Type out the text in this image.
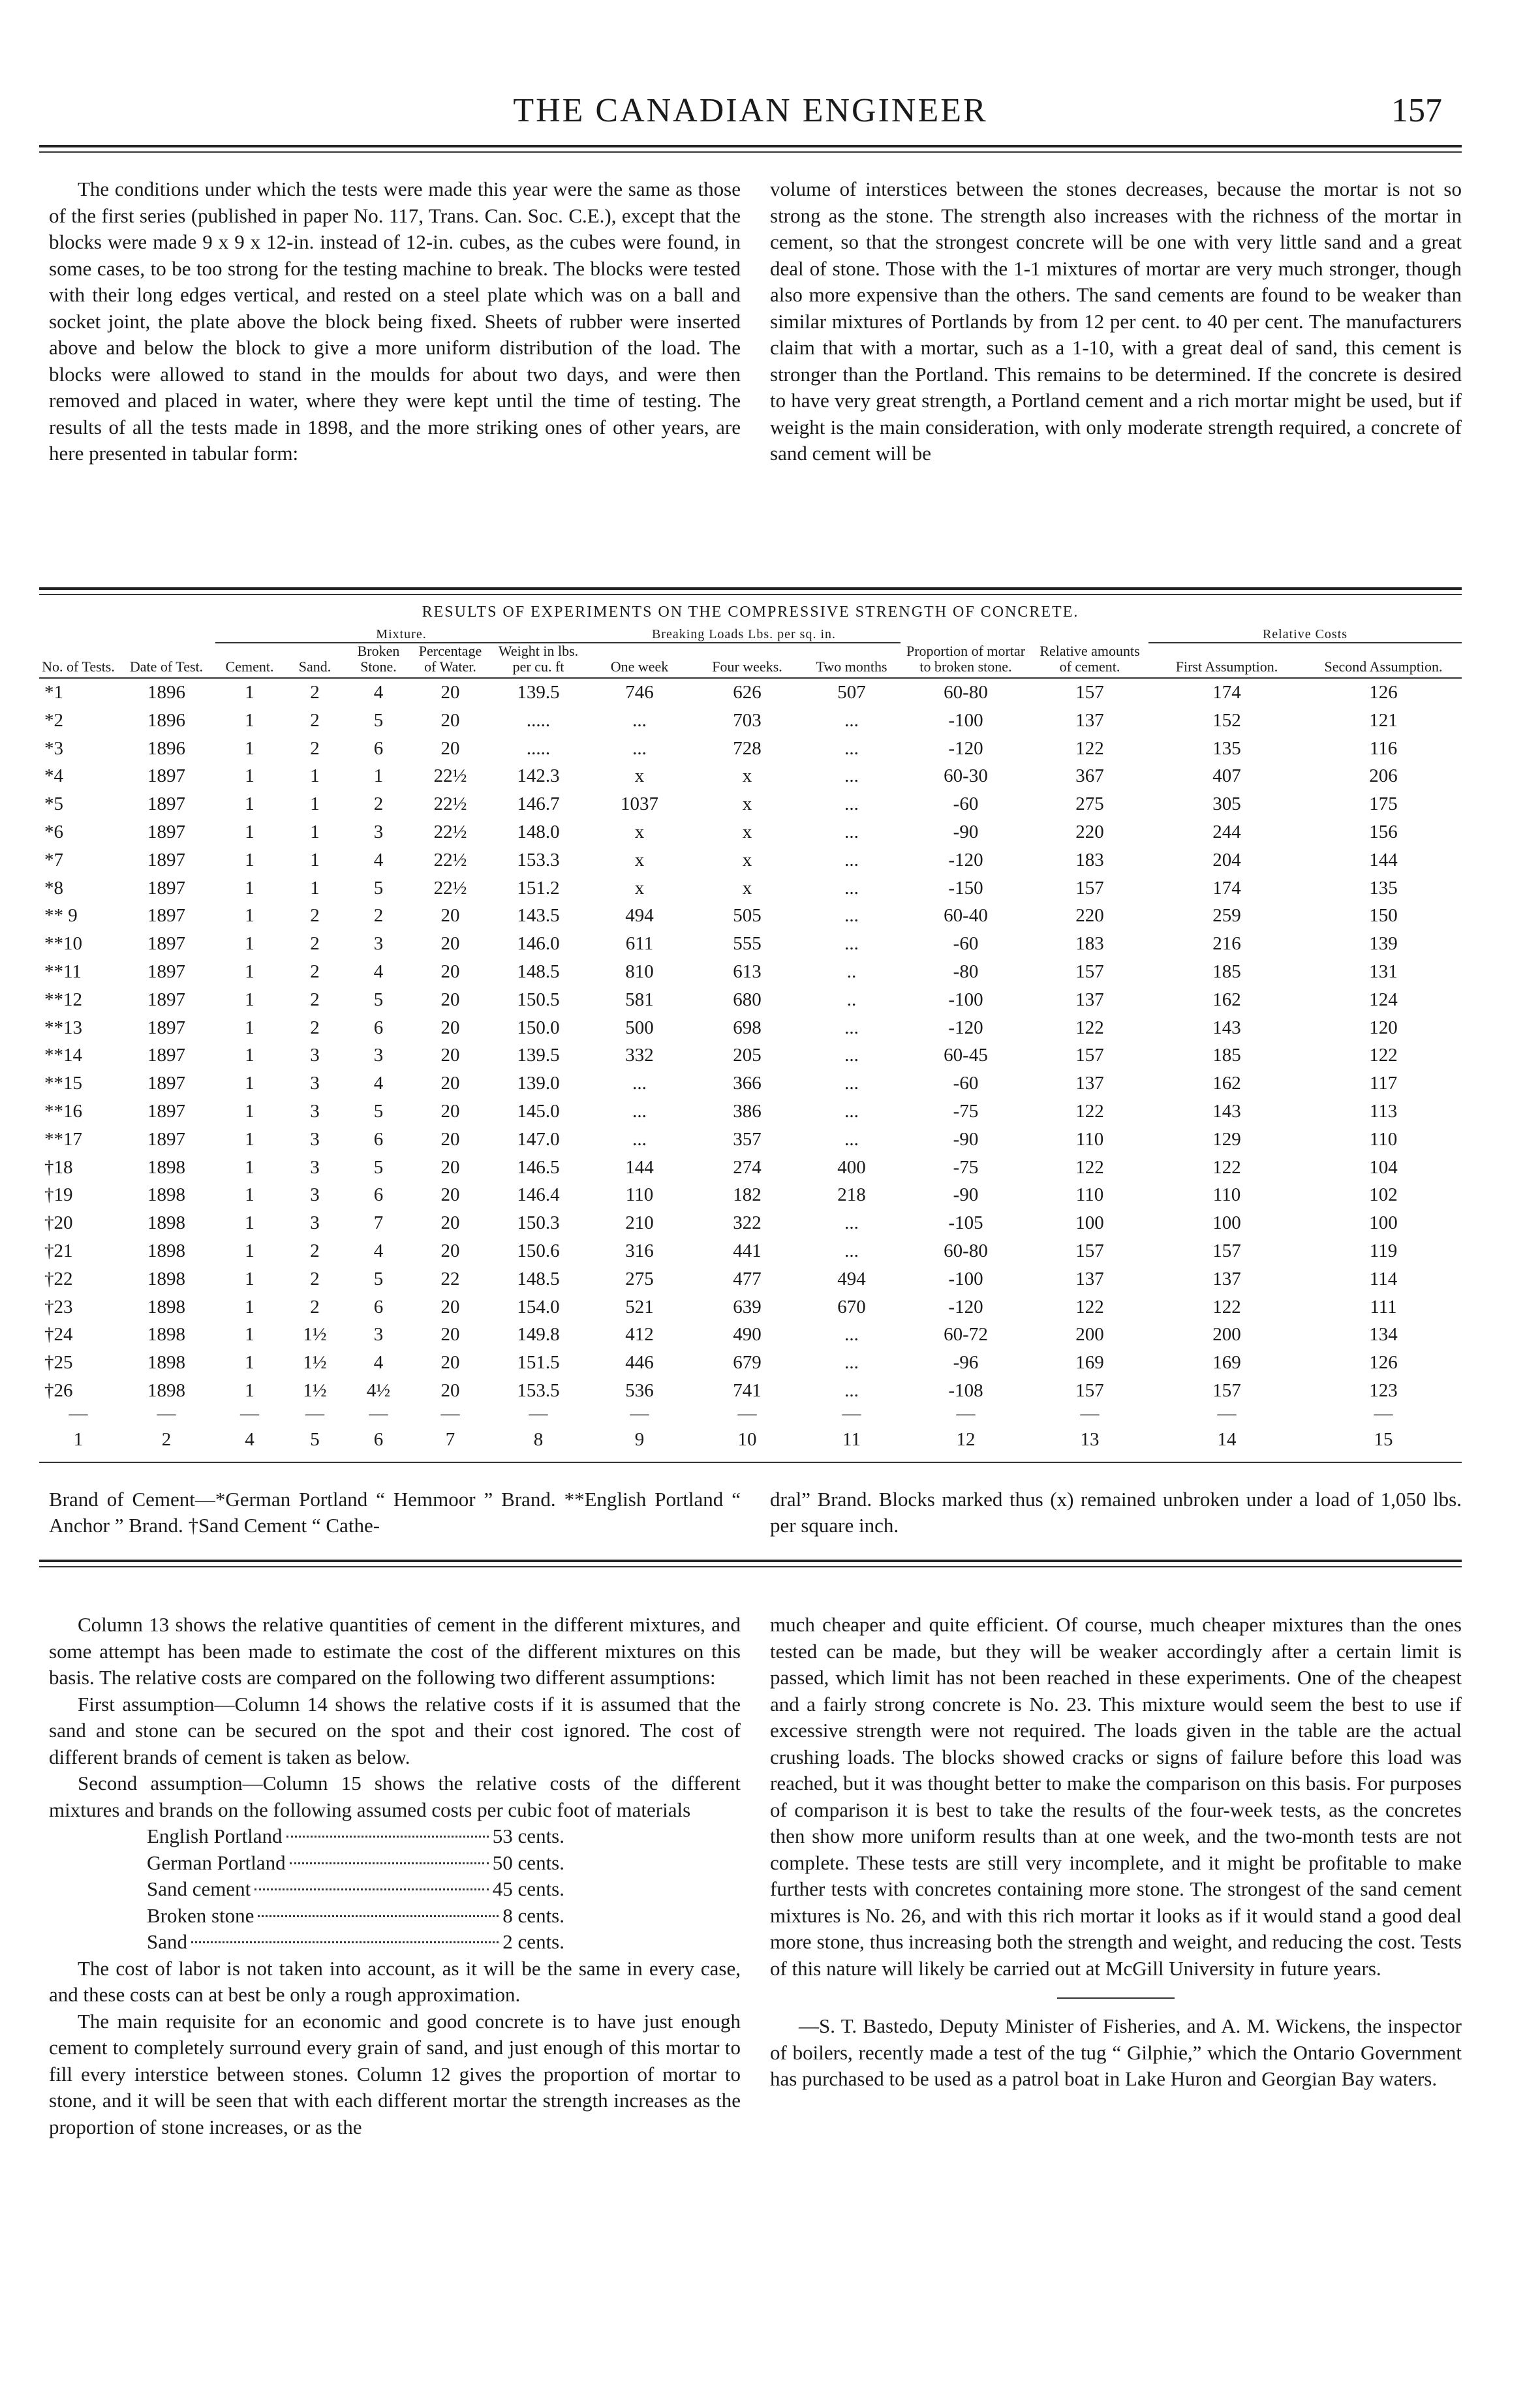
THE CANADIAN ENGINEER	157

The conditions under which the tests were made this year were the same as those of the first series (published in paper No. 117, Trans. Can. Soc. C.E.), except that the blocks were made 9 x 9 x 12-in. instead of 12-in. cubes, as the cubes were found, in some cases, to be too strong for the testing machine to break. The blocks were tested with their long edges vertical, and rested on a steel plate which was on a ball and socket joint, the plate above the block being fixed. Sheets of rubber were inserted above and below the block to give a more uniform distribution of the load. The blocks were allowed to stand in the moulds for about two days, and were then removed and placed in water, where they were kept until the time of testing. The results of all the tests made in 1898, and the more striking ones of other years, are here presented in tabular form:

volume of interstices between the stones decreases, because the mortar is not so strong as the stone. The strength also increases with the richness of the mortar in cement, so that the strongest concrete will be one with very little sand and a great deal of stone. Those with the 1-1 mixtures of mortar are very much stronger, though also more expensive than the others. The sand cements are found to be weaker than similar mixtures of Portlands by from 12 per cent. to 40 per cent. The manufacturers claim that with a mortar, such as a 1-10, with a great deal of sand, this cement is stronger than the Portland. This remains to be determined. If the concrete is desired to have very great strength, a Portland cement and a rich mortar might be used, but if weight is the main consideration, with only moderate strength required, a concrete of sand cement will be

RESULTS OF EXPERIMENTS ON THE COMPRESSIVE STRENGTH OF CONCRETE.
		Mixture.					Breaking Loads Lbs. per sq. in.					Relative Costs	
No. of Tests.	Date of Test.	Cement.	Sand.	Broken Stone.	Percentage of Water.	Weight in lbs. per cu. ft	One week	Four weeks.	Two months	Proportion of mortar to broken stone.	Relative amounts of cement.	First Assumption.	Second Assumption.
*1	1896	1	2	4	20	139.5	746	626	507	60-80	157	174	126
*2	1896	1	2	5	20	.....	...	703	...	-100	137	152	121
*3	1896	1	2	6	20	.....	...	728	...	-120	122	135	116
*4	1897	1	1	1	22½	142.3	x	x	...	60-30	367	407	206
*5	1897	1	1	2	22½	146.7	1037	x	...	-60	275	305	175
*6	1897	1	1	3	22½	148.0	x	x	...	-90	220	244	156
*7	1897	1	1	4	22½	153.3	x	x	...	-120	183	204	144
*8	1897	1	1	5	22½	151.2	x	x	...	-150	157	174	135
** 9	1897	1	2	2	20	143.5	494	505	...	60-40	220	259	150
**10	1897	1	2	3	20	146.0	611	555	...	-60	183	216	139
**11	1897	1	2	4	20	148.5	810	613	..	-80	157	185	131
**12	1897	1	2	5	20	150.5	581	680	..	-100	137	162	124
**13	1897	1	2	6	20	150.0	500	698	...	-120	122	143	120
**14	1897	1	3	3	20	139.5	332	205	...	60-45	157	185	122
**15	1897	1	3	4	20	139.0	...	366	...	-60	137	162	117
**16	1897	1	3	5	20	145.0	...	386	...	-75	122	143	113
**17	1897	1	3	6	20	147.0	...	357	...	-90	110	129	110
†18	1898	1	3	5	20	146.5	144	274	400	-75	122	122	104
†19	1898	1	3	6	20	146.4	110	182	218	-90	110	110	102
†20	1898	1	3	7	20	150.3	210	322	...	-105	100	100	100
†21	1898	1	2	4	20	150.6	316	441	...	60-80	157	157	119
†22	1898	1	2	5	22	148.5	275	477	494	-100	137	137	114
†23	1898	1	2	6	20	154.0	521	639	670	-120	122	122	111
†24	1898	1	1½	3	20	149.8	412	490	...	60-72	200	200	134
†25	1898	1	1½	4	20	151.5	446	679	...	-96	169	169	126
†26	1898	1	1½	4½	20	153.5	536	741	...	-108	157	157	123
—	—	—	—	—	—	—	—	—	—	—	—	—	—
1	2	4	5	6	7	8	9	10	11	12	13	14	15
Brand of Cement—*German Portland “ Hemmoor ” Brand. **English Portland “ Anchor ” Brand. †Sand Cement “ Cathe-
dral” Brand. Blocks marked thus (x) remained unbroken under a load of 1,050 lbs. per square inch.

Column 13 shows the relative quantities of cement in the different mixtures, and some attempt has been made to estimate the cost of the different mixtures on this basis. The relative costs are compared on the following two different assumptions:

First assumption—Column 14 shows the relative costs if it is assumed that the sand and stone can be secured on the spot and their cost ignored. The cost of different brands of cement is taken as below.

Second assumption—Column 15 shows the relative costs of the different mixtures and brands on the following assumed costs per cubic foot of materials

English Portland	53 cents.
German Portland	50 cents.
Sand cement	45 cents.
Broken stone	8 cents.
Sand	2 cents.

The cost of labor is not taken into account, as it will be the same in every case, and these costs can at best be only a rough approximation.

The main requisite for an economic and good concrete is to have just enough cement to completely surround every grain of sand, and just enough of this mortar to fill every interstice between stones. Column 12 gives the proportion of mortar to stone, and it will be seen that with each different mortar the strength increases as the proportion of stone increases, or as the

much cheaper and quite efficient. Of course, much cheaper mixtures than the ones tested can be made, but they will be weaker accordingly after a certain limit is passed, which limit has not been reached in these experiments. One of the cheapest and a fairly strong concrete is No. 23. This mixture would seem the best to use if excessive strength were not required. The loads given in the table are the actual crushing loads. The blocks showed cracks or signs of failure before this load was reached, but it was thought better to make the comparison on this basis. For purposes of comparison it is best to take the results of the four-week tests, as the concretes then show more uniform results than at one week, and the two-month tests are not complete. These tests are still very incomplete, and it might be profitable to make further tests with concretes containing more stone. The strongest of the sand cement mixtures is No. 26, and with this rich mortar it looks as if it would stand a good deal more stone, thus increasing both the strength and weight, and reducing the cost. Tests of this nature will likely be carried out at McGill University in future years.

—S. T. Bastedo, Deputy Minister of Fisheries, and A. M. Wickens, the inspector of boilers, recently made a test of the tug “ Gilphie,” which the Ontario Government has purchased to be used as a patrol boat in Lake Huron and Georgian Bay waters.
